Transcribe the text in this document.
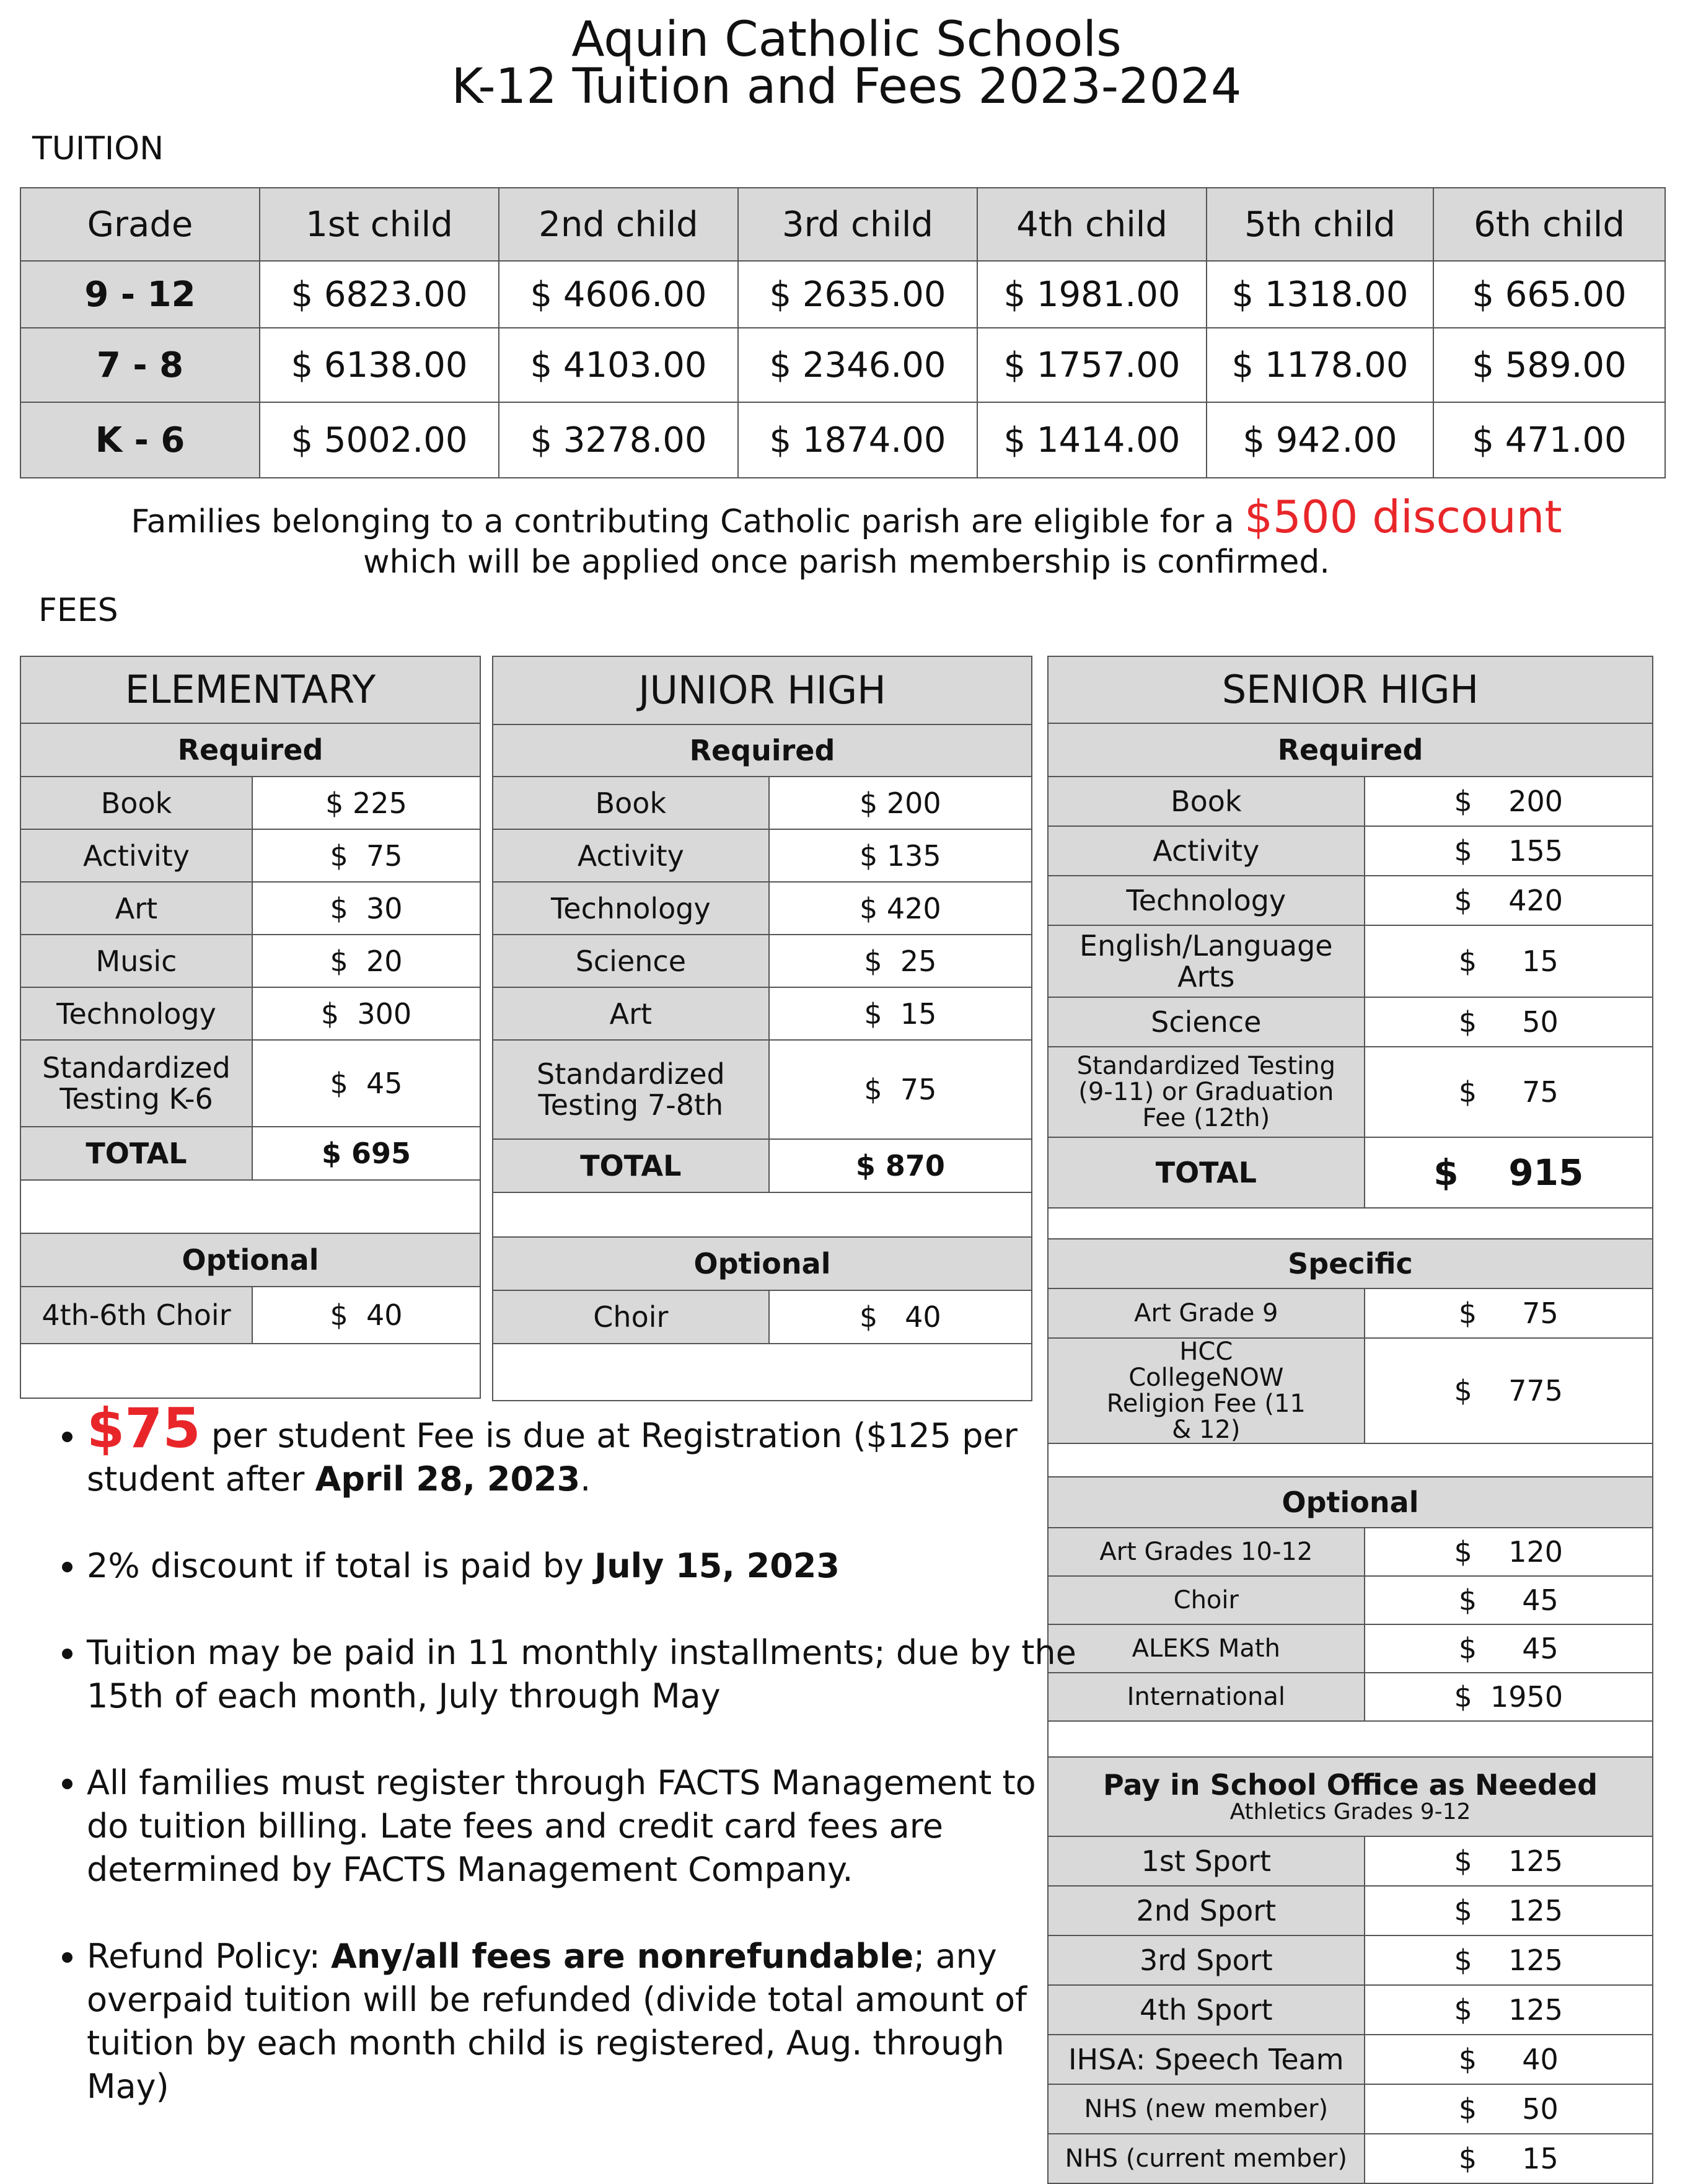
Aquin Catholic Schools
K-12 Tuition and Fees 2023-2024
TUITION
Grade	1st child	2nd child	3rd child	4th child	5th child	6th child
9 - 12	$ 6823.00	$ 4606.00	$ 2635.00	$ 1981.00	$ 1318.00	$ 665.00
7 - 8	$ 6138.00	$ 4103.00	$ 2346.00	$ 1757.00	$ 1178.00	$ 589.00
K - 6	$ 5002.00	$ 3278.00	$ 1874.00	$ 1414.00	$ 942.00	$ 471.00
Families belonging to a contributing Catholic parish are eligible for a $500 discount
which will be applied once parish membership is confirmed.
FEES
ELEMENTARY	
Required	
Book	$ 225
Activity	$  75
Art	$  30
Music	$  20
Technology	$  300
Standardized Testing K-6	$  45
TOTAL	$ 695

Optional	
4th-6th Choir	$  40

JUNIOR HIGH	
Required	
Book	$ 200
Activity	$ 135
Technology	$ 420
Science	$  25
Art	$  15
Standardized Testing 7-8th	$  75
TOTAL	$ 870

Optional	
Choir	$   40

SENIOR HIGH	
Required	
Book	$    200
Activity	$    155
Technology	$    420
English/Language Arts	$     15
Science	$     50
Standardized Testing (9-11) or Graduation Fee (12th)	$     75
TOTAL	$    915

Specific	
Art Grade 9	$     75
HCC CollegeNOW Religion Fee (11 & 12)	$    775

Optional	
Art Grades 10-12	$    120
Choir	$     45
ALEKS Math	$     45
International	$  1950

Pay in School Office as Needed
Athletics Grades 9-12	

1st Sport	$    125
2nd Sport	$    125
3rd Sport	$    125
4th Sport	$    125
IHSA: Speech Team	$     40
NHS (new member)	$     50
NHS (current member)	$     15
• $75 per student Fee is due at Registration ($125 per student after April 28, 2023.
• 2% discount if total is paid by July 15, 2023
• Tuition may be paid in 11 monthly installments; due by the 15th of each month, July through May
• All families must register through FACTS Management to do tuition billing. Late fees and credit card fees are determined by FACTS Management Company.
• Refund Policy: Any/all fees are nonrefundable; any overpaid tuition will be refunded (divide total amount of tuition by each month child is registered, Aug. through May)
